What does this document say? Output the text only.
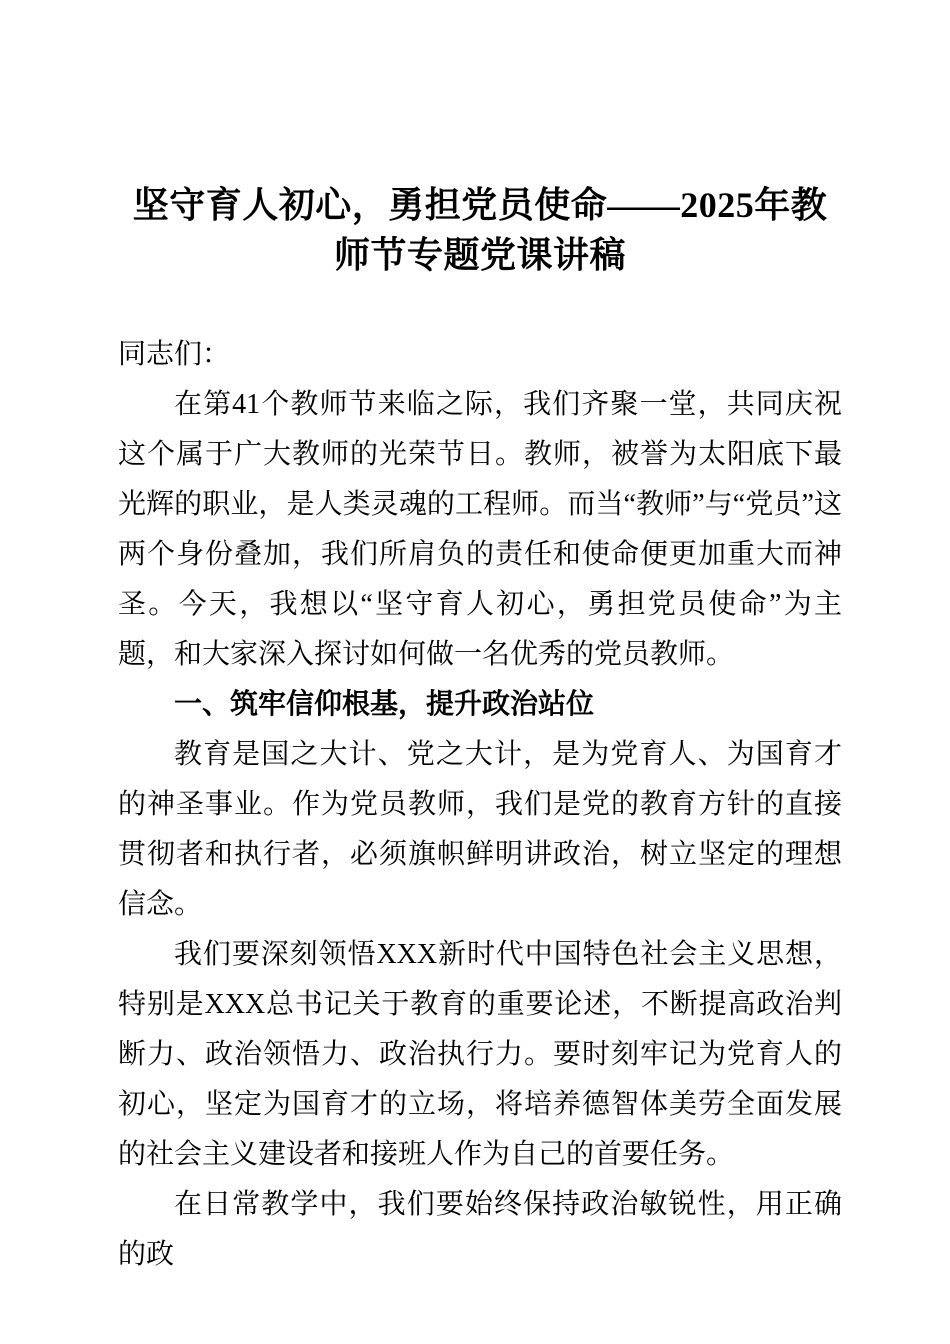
坚守育人初心，勇担党员使命——2025年教师节专题党课讲稿

同志们：

在第41个教师节来临之际，我们齐聚一堂，共同庆祝这个属于广大教师的光荣节日。教师，被誉为太阳底下最光辉的职业，是人类灵魂的工程师。而当“教师”与“党员”这两个身份叠加，我们所肩负的责任和使命便更加重大而神圣。今天，我想以“坚守育人初心，勇担党员使命”为主题，和大家深入探讨如何做一名优秀的党员教师。

一、筑牢信仰根基，提升政治站位

教育是国之大计、党之大计，是为党育人、为国育才的神圣事业。作为党员教师，我们是党的教育方针的直接贯彻者和执行者，必须旗帜鲜明讲政治，树立坚定的理想信念。

我们要深刻领悟XXX新时代中国特色社会主义思想，特别是XXX总书记关于教育的重要论述，不断提高政治判断力、政治领悟力、政治执行力。要时刻牢记为党育人的初心，坚定为国育才的立场，将培养德智体美劳全面发展的社会主义建设者和接班人作为自己的首要任务。

在日常教学中，我们要始终保持政治敏锐性，用正确的政
